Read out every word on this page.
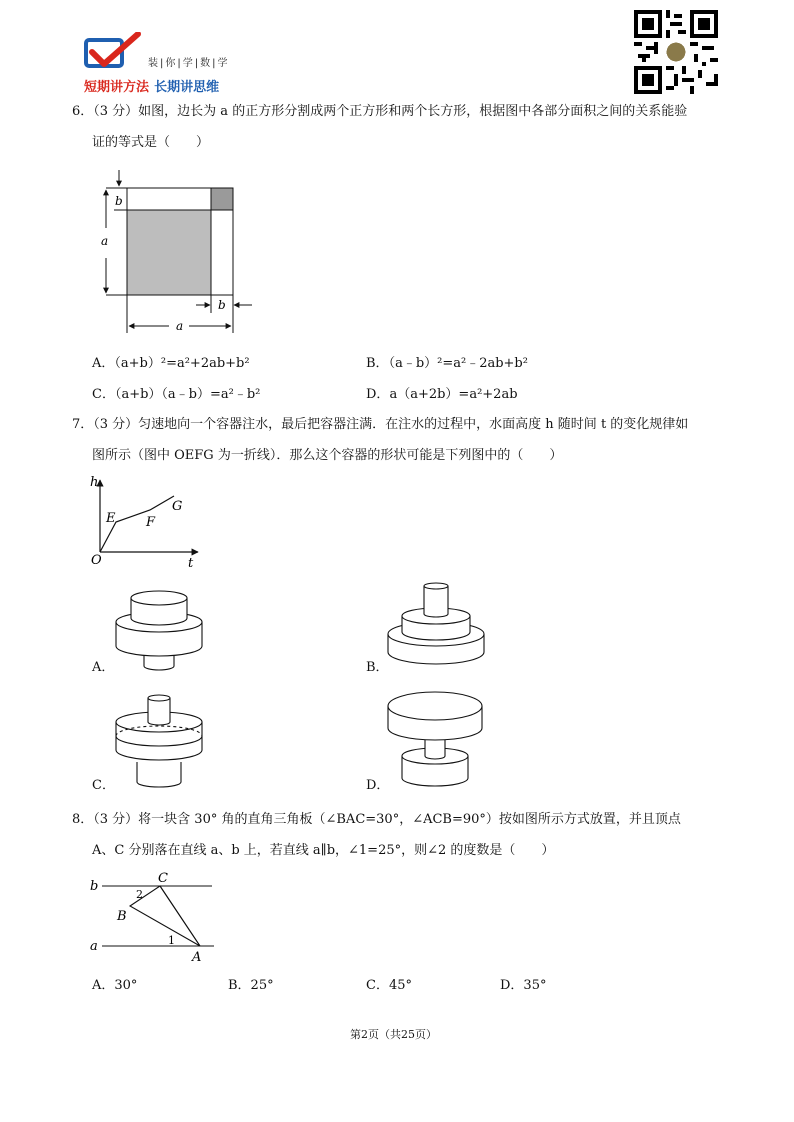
装|你|学|数|学
短期讲方法 长期讲思维
6．（3 分）如图，边长为 a 的正方形分割成两个正方形和两个长方形，根据图中各部分面积之间的关系能验
证的等式是（　　）
b
a
b
a
A．（a+b）²=a²+2ab+b²	B．（a﹣b）²=a²﹣2ab+b²
C．（a+b）（a﹣b）=a²﹣b²	D．a（a+2b）=a²+2ab
7．（3 分）匀速地向一个容器注水，最后把容器注满．在注水的过程中，水面高度 h 随时间 t 的变化规律如
图所示（图中 OEFG 为一折线）．那么这个容器的形状可能是下列图中的（　　）
h
t
O
E F
G
A．	B．
C．	D．
8．（3 分）将一块含 30° 角的直角三角板（∠BAC=30°，∠ACB=90°）按如图所示方式放置，并且顶点
A、C 分别落在直线 a、b 上，若直线 a∥b，∠1=25°，则∠2 的度数是（　　）
b
a
C
B
A
1
2
A．30°	B．25°	C．45°	D．35°
第2页（共25页）
